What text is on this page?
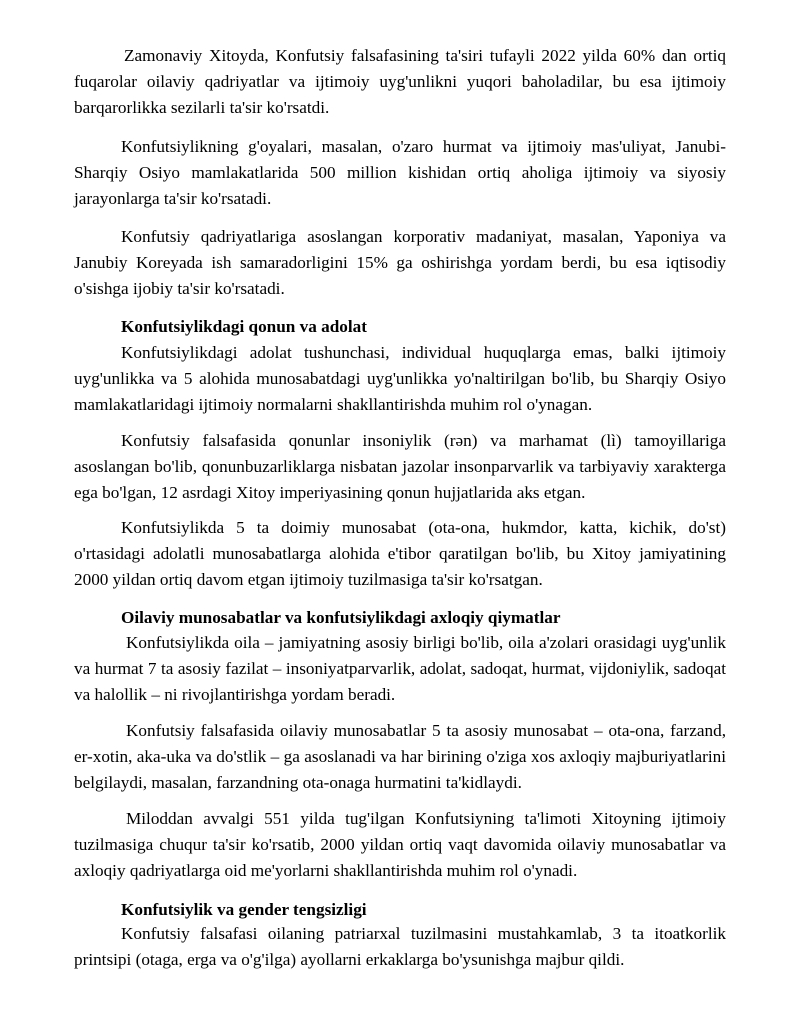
Zamonaviy Xitoyda, Konfutsiy falsafasining ta'siri tufayli 2022 yilda 60% dan ortiq fuqarolar oilaviy qadriyatlar va ijtimoiy uyg'unlikni yuqori baholadilar, bu esa ijtimoiy barqarorlikka sezilarli ta'sir ko'rsatdi.

Konfutsiylikning g'oyalari, masalan, o'zaro hurmat va ijtimoiy mas'uliyat, Janubi-Sharqiy Osiyo mamlakatlarida 500 million kishidan ortiq aholiga ijtimoiy va siyosiy jarayonlarga ta'sir ko'rsatadi.

Konfutsiy qadriyatlariga asoslangan korporativ madaniyat, masalan, Yaponiya va Janubiy Koreyada ish samaradorligini 15% ga oshirishga yordam berdi, bu esa iqtisodiy o'sishga ijobiy ta'sir ko'rsatadi.

Konfutsiylikdagi qonun va adolat

Konfutsiylikdagi adolat tushunchasi, individual huquqlarga emas, balki ijtimoiy uyg'unlikka va 5 alohida munosabatdagi uyg'unlikka yo'naltirilgan bo'lib, bu Sharqiy Osiyo mamlakatlaridagi ijtimoiy normalarni shakllantirishda muhim rol o'ynagan.

Konfutsiy falsafasida qonunlar insoniylik (rən) va marhamat (lì) tamoyillariga asoslangan bo'lib, qonunbuzarliklarga nisbatan jazolar insonparvarlik va tarbiyaviy xarakterga ega bo'lgan, 12 asrdagi Xitoy imperiyasining qonun hujjatlarida aks etgan.

Konfutsiylikda 5 ta doimiy munosabat (ota-ona, hukmdor, katta, kichik, do'st) o'rtasidagi adolatli munosabatlarga alohida e'tibor qaratilgan bo'lib, bu Xitoy jamiyatining 2000 yildan ortiq davom etgan ijtimoiy tuzilmasiga ta'sir ko'rsatgan.

Oilaviy munosabatlar va konfutsiylikdagi axloqiy qiymatlar

Konfutsiylikda oila – jamiyatning asosiy birligi bo'lib, oila a'zolari orasidagi uyg'unlik va hurmat 7 ta asosiy fazilat – insoniyatparvarlik, adolat, sadoqat, hurmat, vijdoniylik, sadoqat va halollik – ni rivojlantirishga yordam beradi.

Konfutsiy falsafasida oilaviy munosabatlar 5 ta asosiy munosabat – ota-ona, farzand, er-xotin, aka-uka va do'stlik – ga asoslanadi va har birining o'ziga xos axloqiy majburiyatlarini belgilaydi, masalan, farzandning ota-onaga hurmatini ta'kidlaydi.

Miloddan avvalgi 551 yilda tug'ilgan Konfutsiyning ta'limoti Xitoyning ijtimoiy tuzilmasiga chuqur ta'sir ko'rsatib, 2000 yildan ortiq vaqt davomida oilaviy munosabatlar va axloqiy qadriyatlarga oid me'yorlarni shakllantirishda muhim rol o'ynadi.

Konfutsiylik va gender tengsizligi

Konfutsiy falsafasi oilaning patriarxal tuzilmasini mustahkamlab, 3 ta itoatkorlik printsipi (otaga, erga va o'g'ilga) ayollarni erkaklarga bo'ysunishga majbur qildi.
